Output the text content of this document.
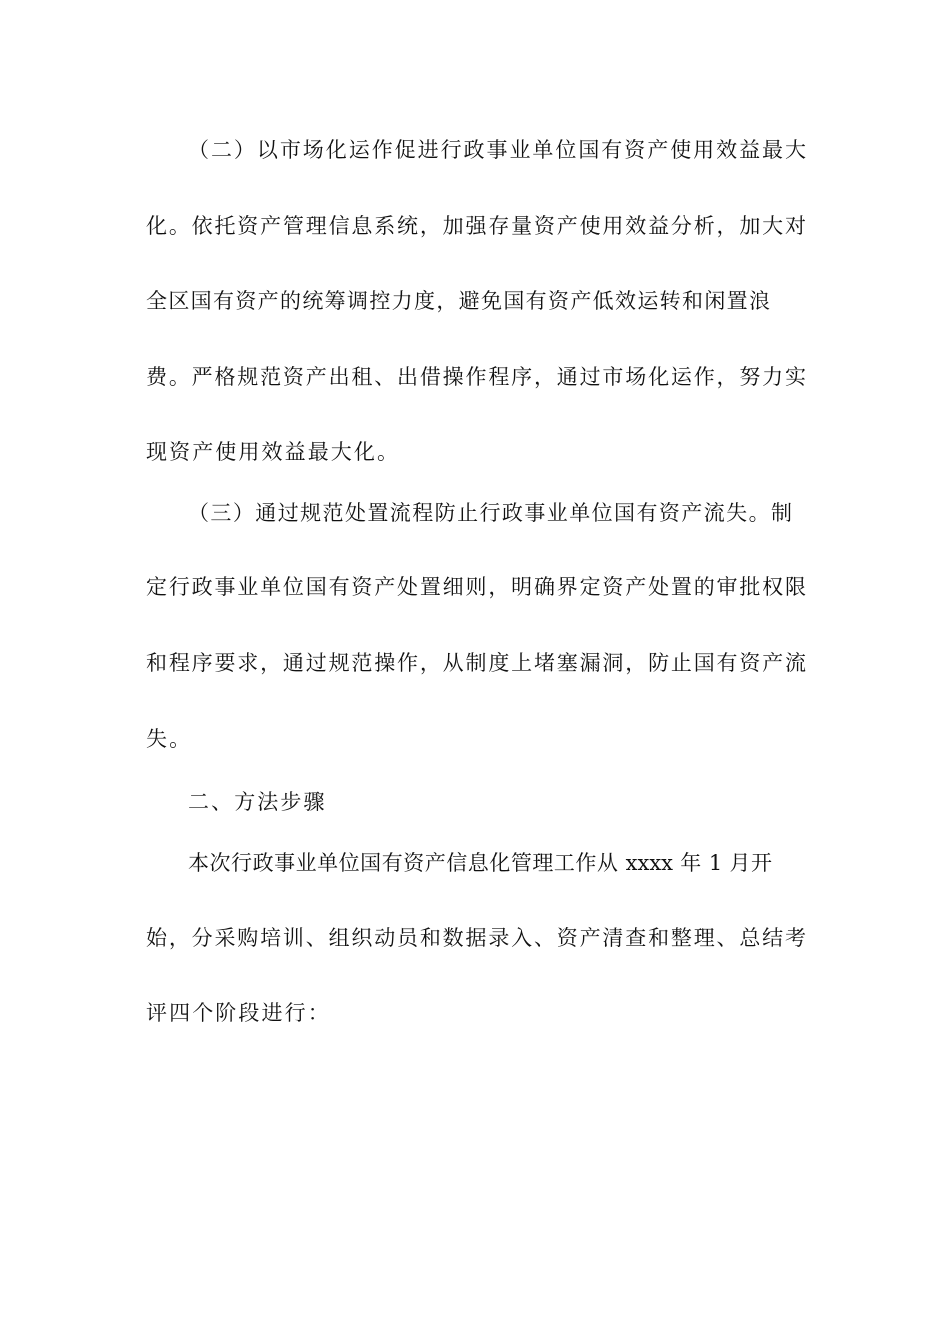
（二）以市场化运作促进行政事业单位国有资产使用效益最大
化。依托资产管理信息系统，加强存量资产使用效益分析，加大对
全区国有资产的统筹调控力度，避免国有资产低效运转和闲置浪
费。严格规范资产出租、出借操作程序，通过市场化运作，努力实
现资产使用效益最大化。
（三）通过规范处置流程防止行政事业单位国有资产流失。制
定行政事业单位国有资产处置细则，明确界定资产处置的审批权限
和程序要求，通过规范操作，从制度上堵塞漏洞，防止国有资产流
失。
二、方法步骤
本次行政事业单位国有资产信息化管理工作从 xxxx 年 1 月开
始，分采购培训、组织动员和数据录入、资产清查和整理、总结考
评四个阶段进行：
